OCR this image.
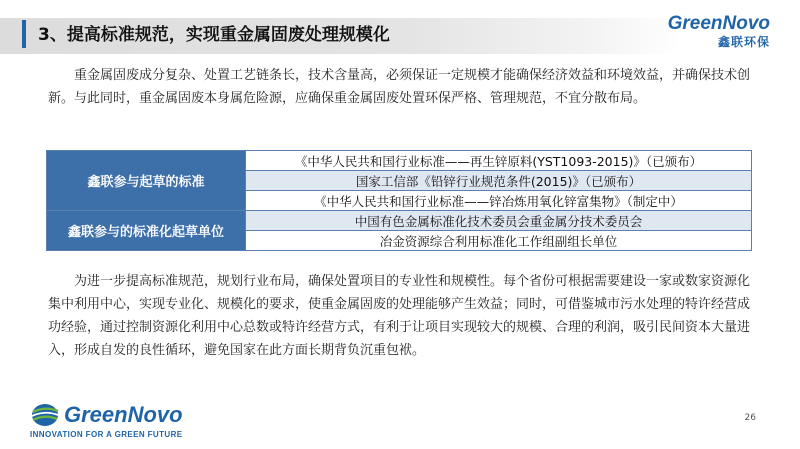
3、提高标准规范，实现重金属固废处理规模化
GreenNovo
鑫联环保
重金属固废成分复杂、处置工艺链条长，技术含量高，必须保证一定规模才能确保经济效益和环境效益，并确保技术创新。与此同时，重金属固废本身属危险源，应确保重金属固废处置环保严格、管理规范，不宜分散布局。
鑫联参与起草的标准	《中华人民共和国行业标准——再生锌原料(YST1093-2015)》（已颁布）
	国家工信部《铅锌行业规范条件(2015)》（已颁布）
	《中华人民共和国行业标准——锌冶炼用氧化锌富集物》（制定中）
鑫联参与的标准化起草单位	中国有色金属标准化技术委员会重金属分技术委员会
	冶金资源综合利用标准化工作组副组长单位
为进一步提高标准规范，规划行业布局，确保处置项目的专业性和规模性。每个省份可根据需要建设一家或数家资源化集中利用中心，实现专业化、规模化的要求，使重金属固废的处理能够产生效益；同时，可借鉴城市污水处理的特许经营成功经验，通过控制资源化利用中心总数或特许经营方式，有利于让项目实现较大的规模、合理的利润，吸引民间资本大量进入，形成自发的良性循环，避免国家在此方面长期背负沉重包袱。
GreenNovo
INNOVATION FOR A GREEN FUTURE
26
